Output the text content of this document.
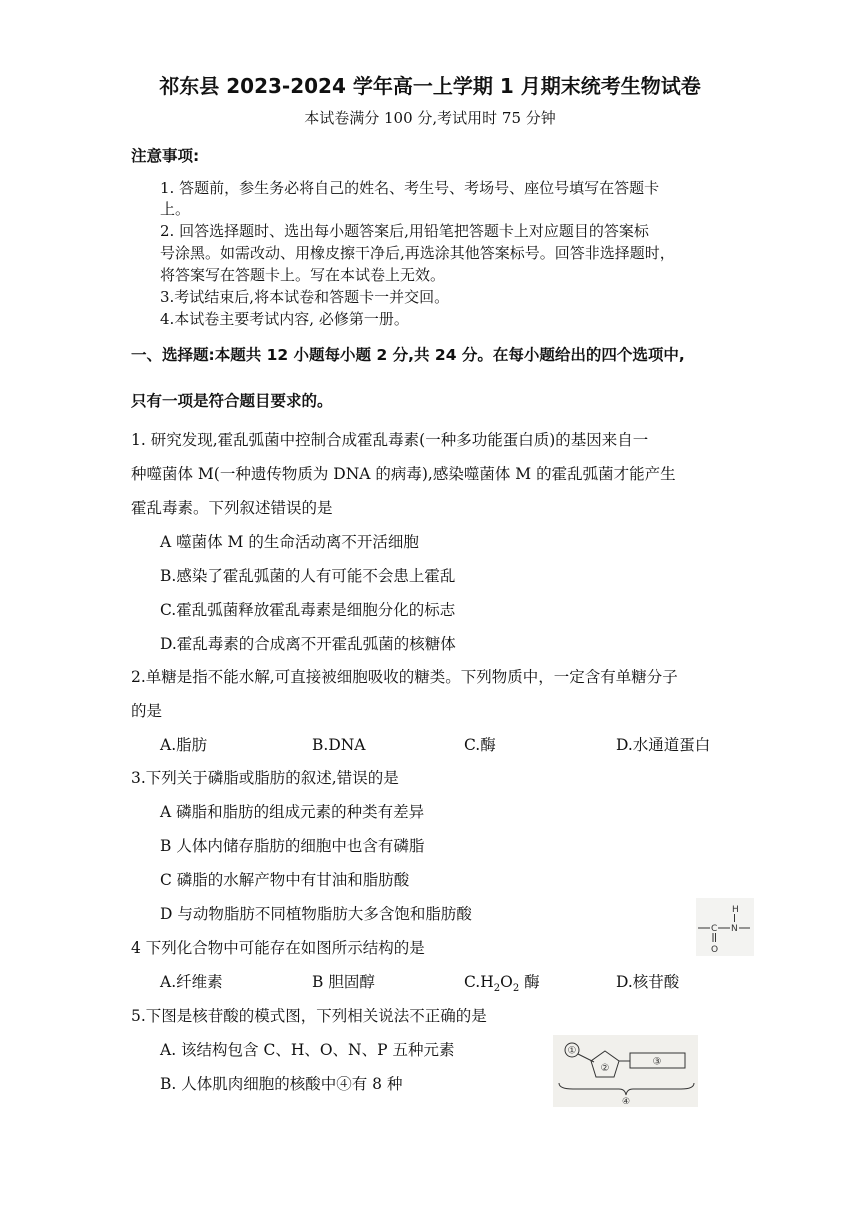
祁东县 2023-2024 学年高一上学期 1 月期末统考生物试卷
本试卷满分 100 分,考试用时 75 分钟
注意事项:
1. 答题前，参生务必将自己的姓名、考生号、考场号、座位号填写在答题卡
上。
2. 回答选择题时、选出每小题答案后,用铅笔把答题卡上对应题目的答案标
号涂黑。如需改动、用橡皮擦干净后,再选涂其他答案标号。回答非选择题时，
将答案写在答题卡上。写在本试卷上无效。
3.考试结束后,将本试卷和答题卡一并交回。
4.本试卷主要考试内容, 必修第一册。
一、选择题:本题共 12 小题每小题 2 分,共 24 分。在每小题给出的四个选项中,
只有一项是符合题目要求的。
1. 研究发现,霍乱弧菌中控制合成霍乱毒素(一种多功能蛋白质)的基因来自一
种噬菌体 M(一种遗传物质为 DNA 的病毒),感染噬菌体 M 的霍乱弧菌才能产生
霍乱毒素。下列叙述错误的是
A 噬菌体 M 的生命活动离不开活细胞
B.感染了霍乱弧菌的人有可能不会患上霍乱
C.霍乱弧菌释放霍乱毒素是细胞分化的标志
D.霍乱毒素的合成离不开霍乱弧菌的核糖体
2.单糖是指不能水解,可直接被细胞吸收的糖类。下列物质中，一定含有单糖分子
的是
A.脂肪	B.DNA	C.酶	D.水通道蛋白
3.下列关于磷脂或脂肪的叙述,错误的是
A 磷脂和脂肪的组成元素的种类有差异
B 人体内储存脂肪的细胞中也含有磷脂
C 磷脂的水解产物中有甘油和脂肪酸
D 与动物脂肪不同植物脂肪大多含饱和脂肪酸	H
C N
O
4 下列化合物中可能存在如图所示结构的是
A.纤维素	B 胆固醇	$C.H_2O_2$ 酶	D.核苷酸
5.下图是核苷酸的模式图，下列相关说法不正确的是
A. 该结构包含 C、H、O、N、P 五种元素
B. 人体肌肉细胞的核酸中④有 8 种
①
②
③
④
